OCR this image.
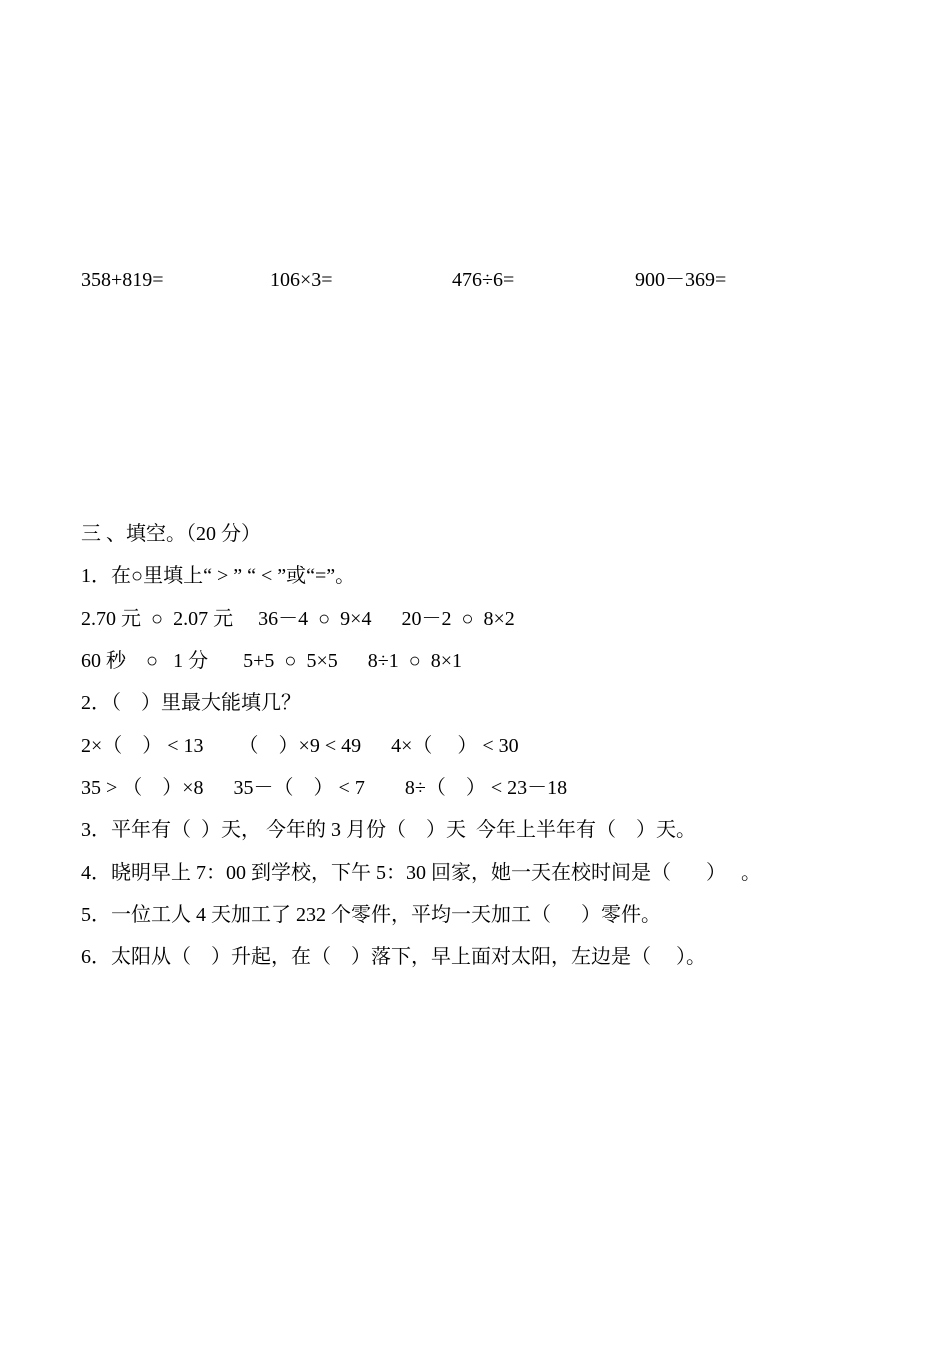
358+819=	106×3=	476÷6=	900－369=
三 、填空。（20 分）
1．在○里填上“ > ” “ < ”或“=”。
2.70 元  ○  2.07 元     36－4  ○  9×4      20－2  ○  8×2
60 秒    ○   1 分       5+5  ○  5×5      8÷1  ○  8×1
2．（    ）里最大能填几？
2×（    ） < 13       （    ）×9 < 49      4×（     ） < 30
35 > （    ）×8      35－（    ） < 7        8÷（    ） < 23－18
3．平年有（  ）天， 今年的 3 月份（    ）天  今年上半年有（    ）天。
4．晓明早上 7：00 到学校，下午 5：30 回家，她一天在校时间是（       ）   。
5．一位工人 4 天加工了 232 个零件，平均一天加工（      ）零件。
6．太阳从（    ）升起，在（    ）落下，早上面对太阳，左边是（     ）。
